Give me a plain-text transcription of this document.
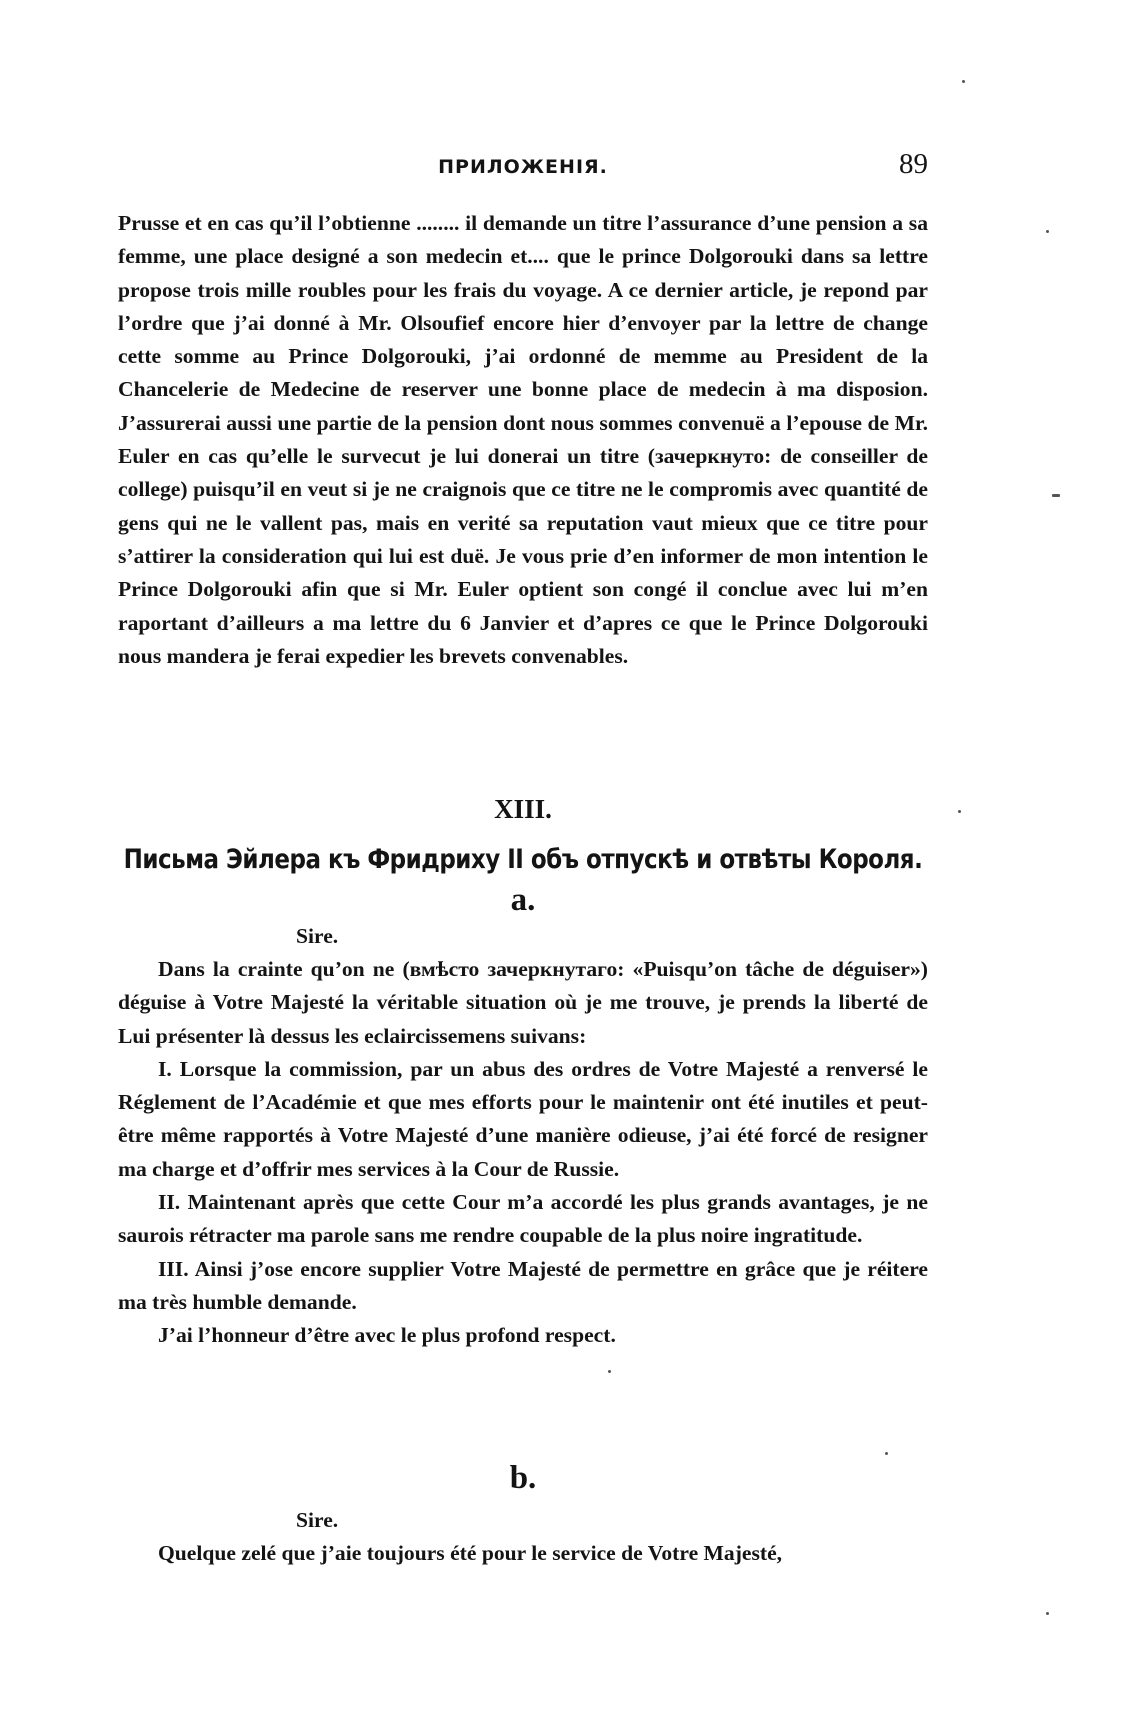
ПРИЛОЖЕНІЯ.	89

Prusse et en cas qu’il l’obtienne ........ il demande un titre l’assurance d’une pension a sa femme, une place designé a son medecin et.... que le prince Dolgorouki dans sa lettre propose trois mille roubles pour les frais du voyage. A ce dernier article, je repond par l’ordre que j’ai donné à Mr. Olsoufief encore hier d’envoyer par la lettre de change cette somme au Prince Dolgorouki, j’ai ordonné de memme au President de la Chancelerie de Medecine de reserver une bonne place de medecin à ma disposion. J’assurerai aussi une partie de la pension dont nous sommes convenuё a l’epouse de Mr. Euler en cas qu’elle le survecut je lui donerai un titre (зачеркнуто: de conseiller de college) puisqu’il en veut si je ne craignois que ce titre ne le compromis avec quantité de gens qui ne le vallent pas, mais en verité sa reputation vaut mieux que ce titre pour s’attirer la consideration qui lui est duё. Je vous prie d’en informer de mon intention le Prince Dolgorouki afin que si Mr. Euler optient son congé il conclue avec lui m’en raportant d’ailleurs a ma lettre du 6 Janvier et d’apres ce que le Prince Dolgorouki nous mandera je ferai expedier les brevets convenables.

XIII.
Письма Эйлера къ Фридриху II объ отпускѣ и отвѣты Короля.
a.
Sire.

Dans la crainte qu’on ne (вмѣсто зачеркнутаго: «Puisqu’on tâche de déguiser») déguise à Votre Majesté la véritable situation où je me trouve, je prends la liberté de Lui présenter là dessus les eclaircissemens suivans:

I. Lorsque la commission, par un abus des ordres de Votre Majesté a renversé le Réglement de l’Académie et que mes efforts pour le maintenir ont été inutiles et peut-être même rapportés à Votre Majesté d’une manière odieuse, j’ai été forcé de resigner ma charge et d’offrir mes services à la Cour de Russie.

II. Maintenant après que cette Cour m’a accordé les plus grands avantages, je ne saurois rétracter ma parole sans me rendre coupable de la plus noire ingratitude.

III. Ainsi j’ose encore supplier Votre Majesté de permettre en grâce que je réitere ma très humble demande.

J’ai l’honneur d’être avec le plus profond respect.

b.
Sire.

Quelque zelé que j’aie toujours été pour le service de Votre Majesté,
